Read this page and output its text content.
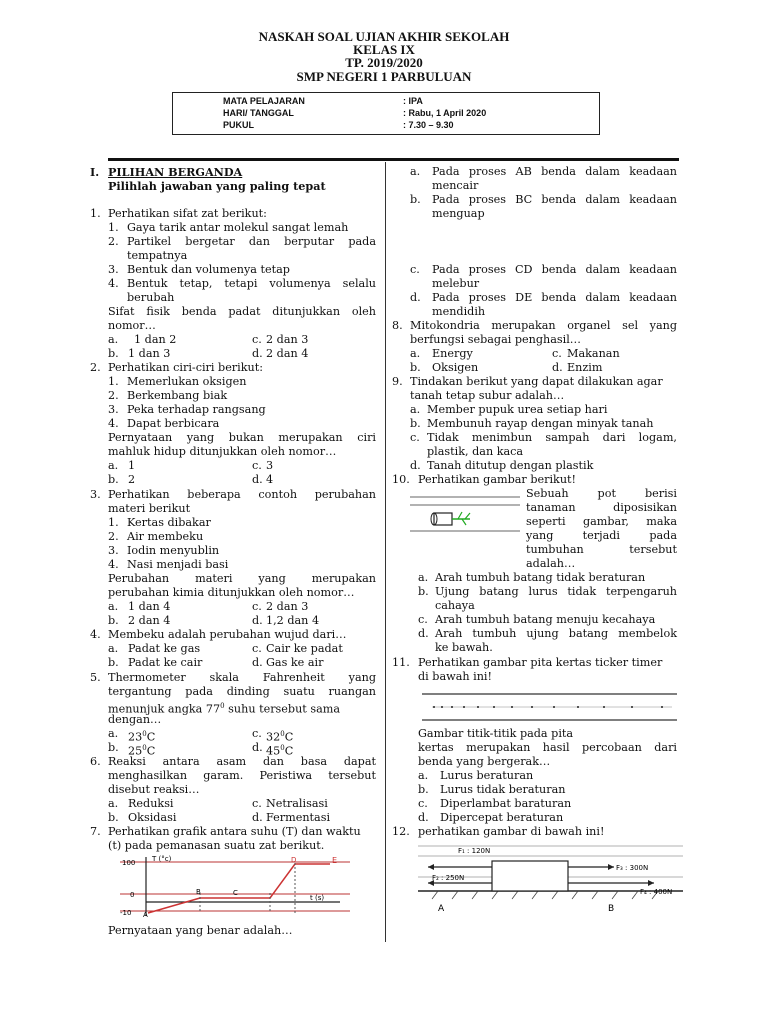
NASKAH SOAL UJIAN AKHIR SEKOLAH
KELAS IX
TP. 2019/2020
SMP NEGERI 1 PARBULUAN
MATA PELAJARAN	: IPA
HARI/ TANGGAL	: Rabu, 1 April 2020
PUKUL	: 7.30 – 9.30
I. PILIHAN BERGANDA
Pilihlah jawaban yang paling tepat
1. Perhatikan sifat zat berikut:
1. Gaya tarik antar molekul sangat lemah
2. Partikel bergetar dan berputar pada
tempatnya
3. Bentuk dan volumenya tetap
4. Bentuk tetap, tetapi volumenya selalu
berubah
Sifat fisik benda padat ditunjukkan oleh
nomor…
a. 1 dan 2	c. 2 dan 3
b. 1 dan 3	d. 2 dan 4
2. Perhatikan ciri-ciri berikut:
1. Memerlukan oksigen
2. Berkembang biak
3. Peka terhadap rangsang
4. Dapat berbicara
Pernyataan yang bukan merupakan ciri
mahluk hidup ditunjukkan oleh nomor…
a. 1	c. 3
b. 2	d. 4
3. Perhatikan beberapa contoh perubahan
materi berikut
1. Kertas dibakar
2. Air membeku
3. Iodin menyublin
4. Nasi menjadi basi
Perubahan materi yang merupakan
perubahan kimia ditunjukkan oleh nomor…
a. 1 dan 4	c. 2 dan 3
b. 2 dan 4	d. 1,2 dan 4
4. Membeku adalah perubahan wujud dari…
a. Padat ke gas	c. Cair ke padat
b. Padat ke cair	d. Gas ke air
5. Thermometer skala Fahrenheit yang
tergantung pada dinding suatu ruangan
menunjuk angka $77^0$ suhu tersebut sama
dengan…
a. $23^0C$	c. $32^0C$
b. $25^0C$	d. $45^0C$
6. Reaksi antara asam dan basa dapat
menghasilkan garam. Peristiwa tersebut
disebut reaksi…
a. Reduksi	c. Netralisasi
b. Oksidasi	d. Fermentasi
7. Perhatikan grafik antara suhu (T) dan waktu
(t) pada pemanasan suatu zat berikut.
100
0
-10
T (°c)
t (s)
A
B	C
D	E
Pernyataan yang benar adalah…
a. Pada proses AB benda dalam keadaan
mencair
b. Pada proses BC benda dalam keadaan
menguap
c. Pada proses CD benda dalam keadaan
melebur
d. Pada proses DE benda dalam keadaan
mendidih
8. Mitokondria merupakan organel sel yang
berfungsi sebagai penghasil…
a. Energy	c. Makanan
b. Oksigen	d. Enzim
9. Tindakan berikut yang dapat dilakukan agar
tanah tetap subur adalah…
a. Member pupuk urea setiap hari
b. Membunuh rayap dengan minyak tanah
c. Tidak menimbun sampah dari logam,
plastik, dan kaca
d. Tanah ditutup dengan plastik
10. Perhatikan gambar berikut!
Sebuah pot berisi
tanaman diposisikan
seperti gambar, maka
yang terjadi pada
tumbuhan tersebut
adalah…
a. Arah tumbuh batang tidak beraturan
b. Ujung batang lurus tidak terpengaruh
cahaya
c. Arah tumbuh batang menuju kecahaya
d. Arah tumbuh ujung batang membelok
ke bawah.
11. Perhatikan gambar pita kertas ticker timer
di bawah ini!
Gambar titik-titik pada pita
kertas merupakan hasil percobaan dari
benda yang bergerak…
a. Lurus beraturan
b. Lurus tidak beraturan
c. Diperlambat baraturan
d. Dipercepat beraturan
12. perhatikan gambar di bawah ini!
F₁ : 120N
F₂ : 250N
F₃ : 300N
F₄ : 400N
A	B
